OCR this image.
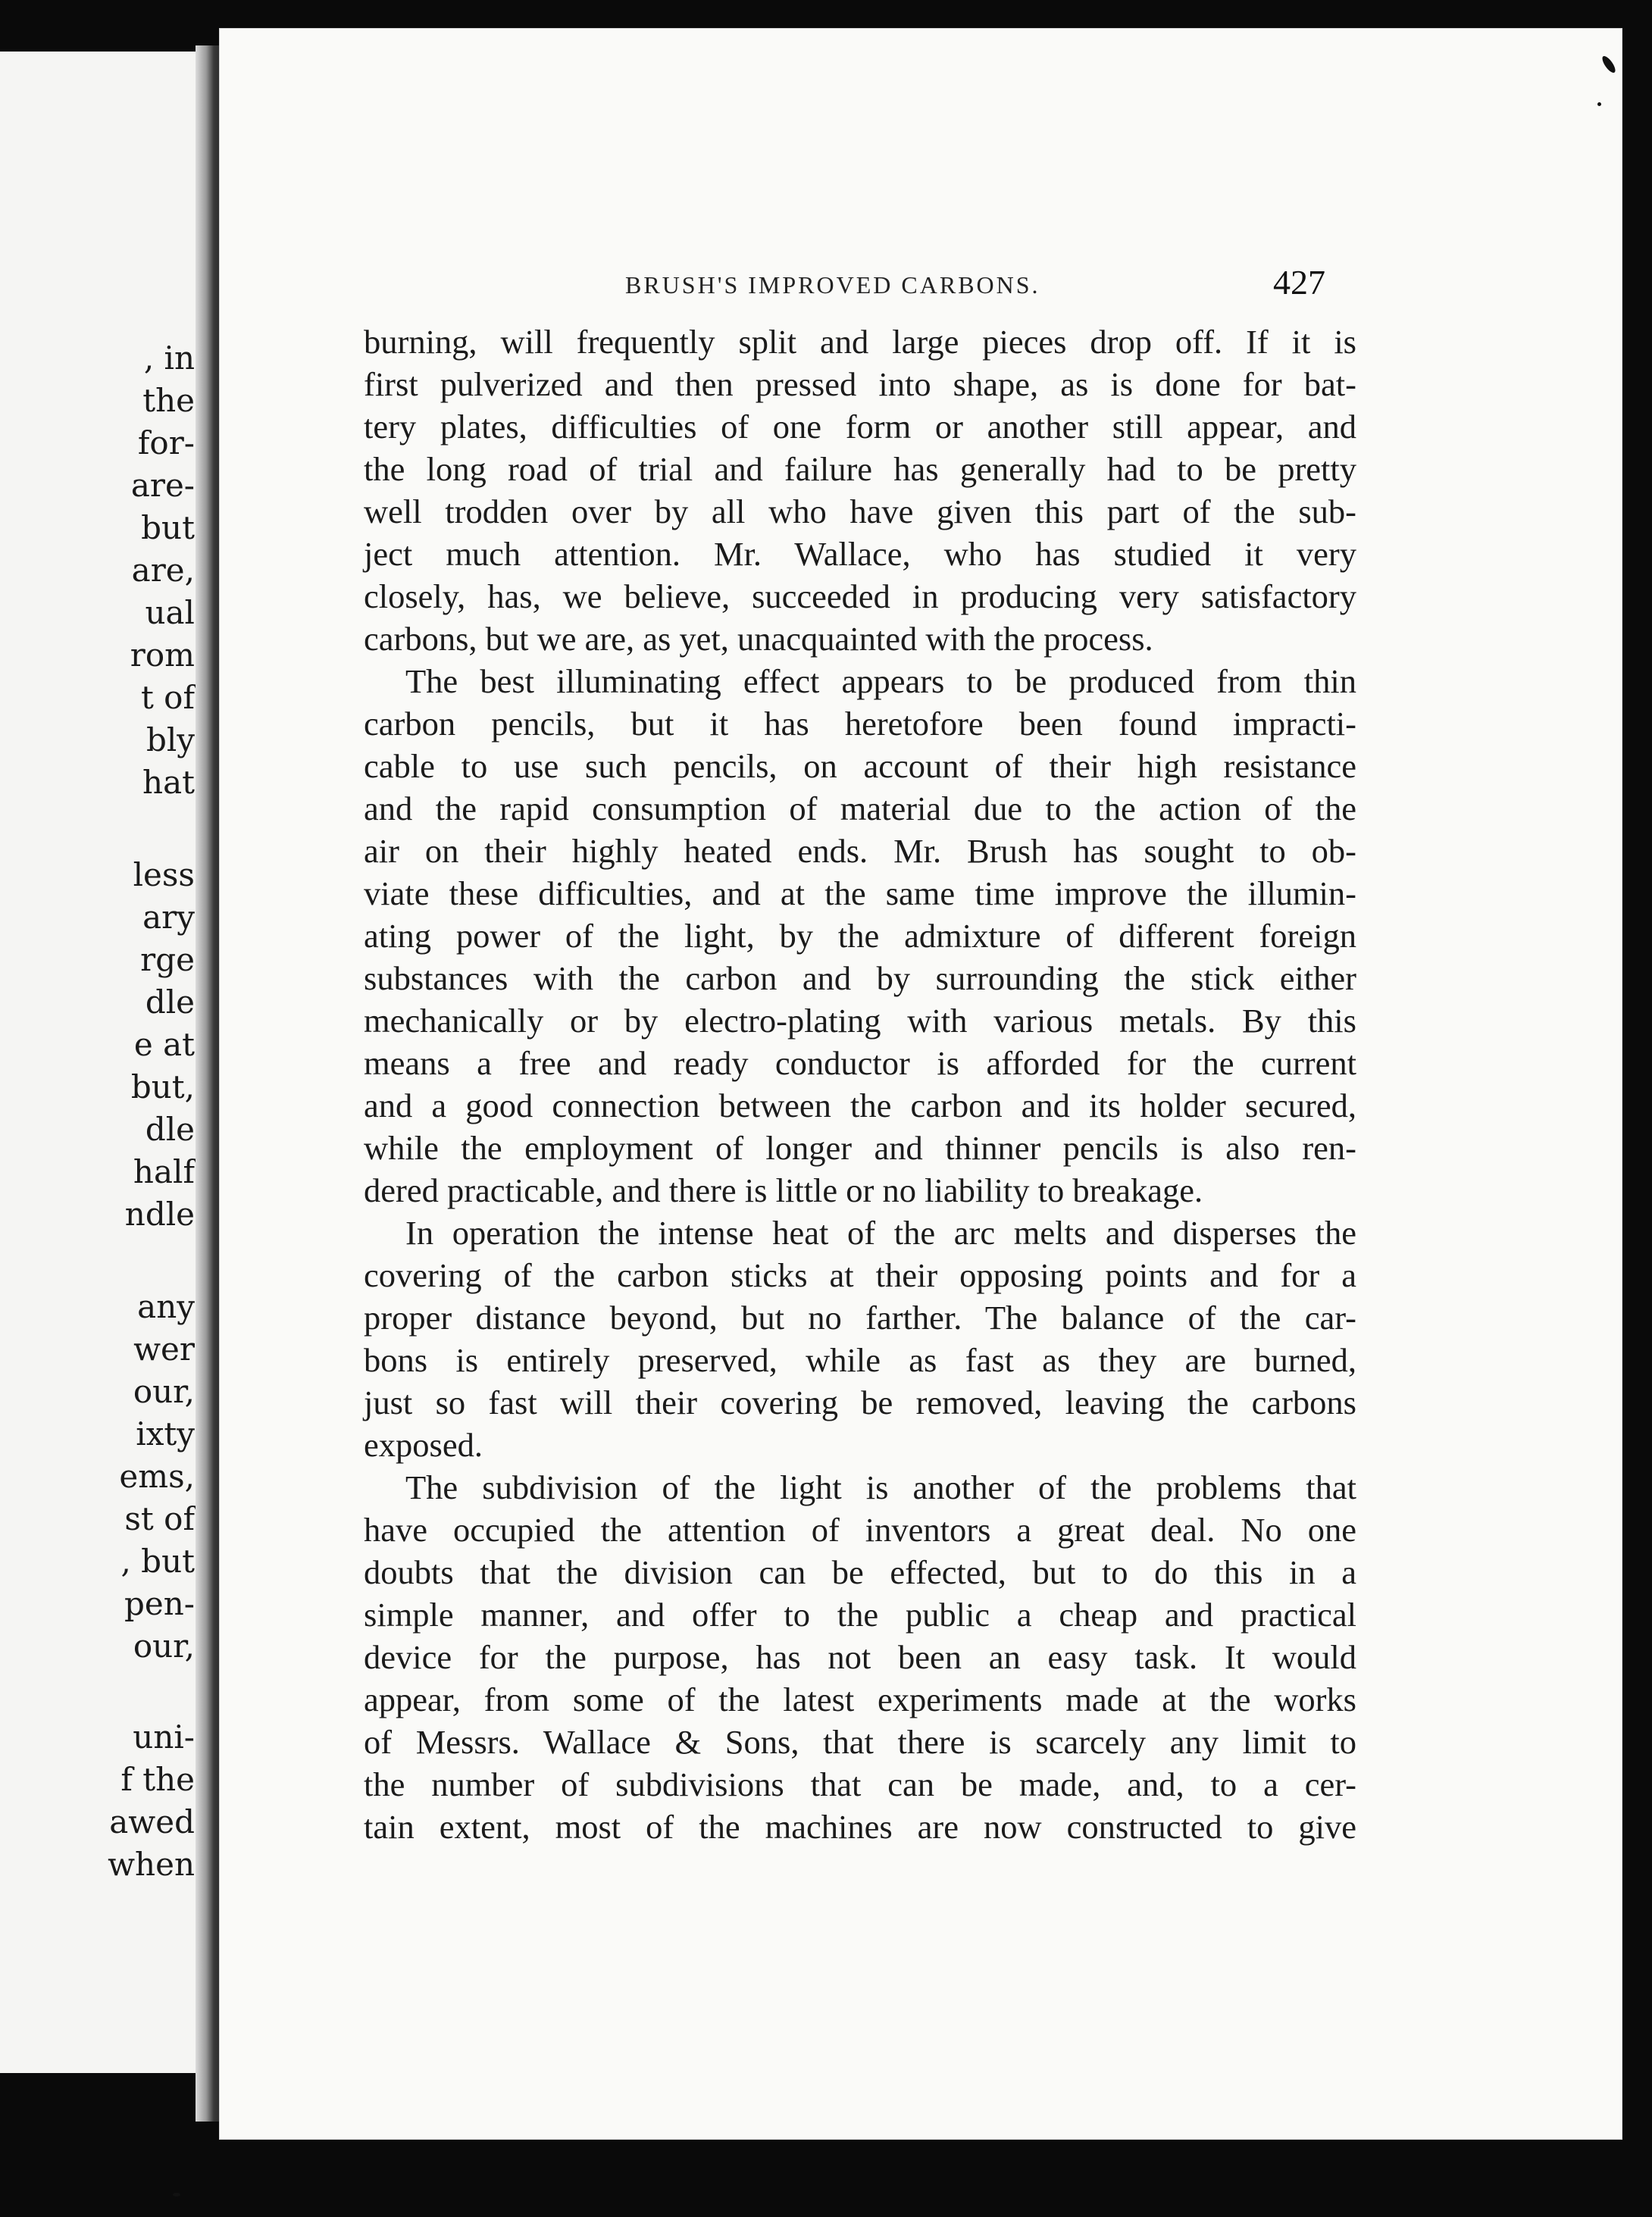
, in
the
for-
are-
but
are,
ual
rom
t of
bly
hat
less
ary
rge
dle
e at
but,
dle
half
ndle
any
wer
our,
ixty
ems,
st of
, but
pen-
our,
uni-
f the
awed
when
BRUSH'S IMPROVED CARBONS.	427
burning, will frequently split and large pieces drop off. If it is
first pulverized and then pressed into shape, as is done for bat-
tery plates, difficulties of one form or another still appear, and
the long road of trial and failure has generally had to be pretty
well trodden over by all who have given this part of the sub-
ject much attention. Mr. Wallace, who has studied it very
closely, has, we believe, succeeded in producing very satisfactory
carbons, but we are, as yet, unacquainted with the process.
The best illuminating effect appears to be produced from thin
carbon pencils, but it has heretofore been found impracti-
cable to use such pencils, on account of their high resistance
and the rapid consumption of material due to the action of the
air on their highly heated ends. Mr. Brush has sought to ob-
viate these difficulties, and at the same time improve the illumin-
ating power of the light, by the admixture of different foreign
substances with the carbon and by surrounding the stick either
mechanically or by electro-plating with various metals. By this
means a free and ready conductor is afforded for the current
and a good connection between the carbon and its holder secured,
while the employment of longer and thinner pencils is also ren-
dered practicable, and there is little or no liability to breakage.
In operation the intense heat of the arc melts and disperses the
covering of the carbon sticks at their opposing points and for a
proper distance beyond, but no farther. The balance of the car-
bons is entirely preserved, while as fast as they are burned,
just so fast will their covering be removed, leaving the carbons
exposed.
The subdivision of the light is another of the problems that
have occupied the attention of inventors a great deal. No one
doubts that the division can be effected, but to do this in a
simple manner, and offer to the public a cheap and practical
device for the purpose, has not been an easy task. It would
appear, from some of the latest experiments made at the works
of Messrs. Wallace & Sons, that there is scarcely any limit to
the number of subdivisions that can be made, and, to a cer-
tain extent, most of the machines are now constructed to give
